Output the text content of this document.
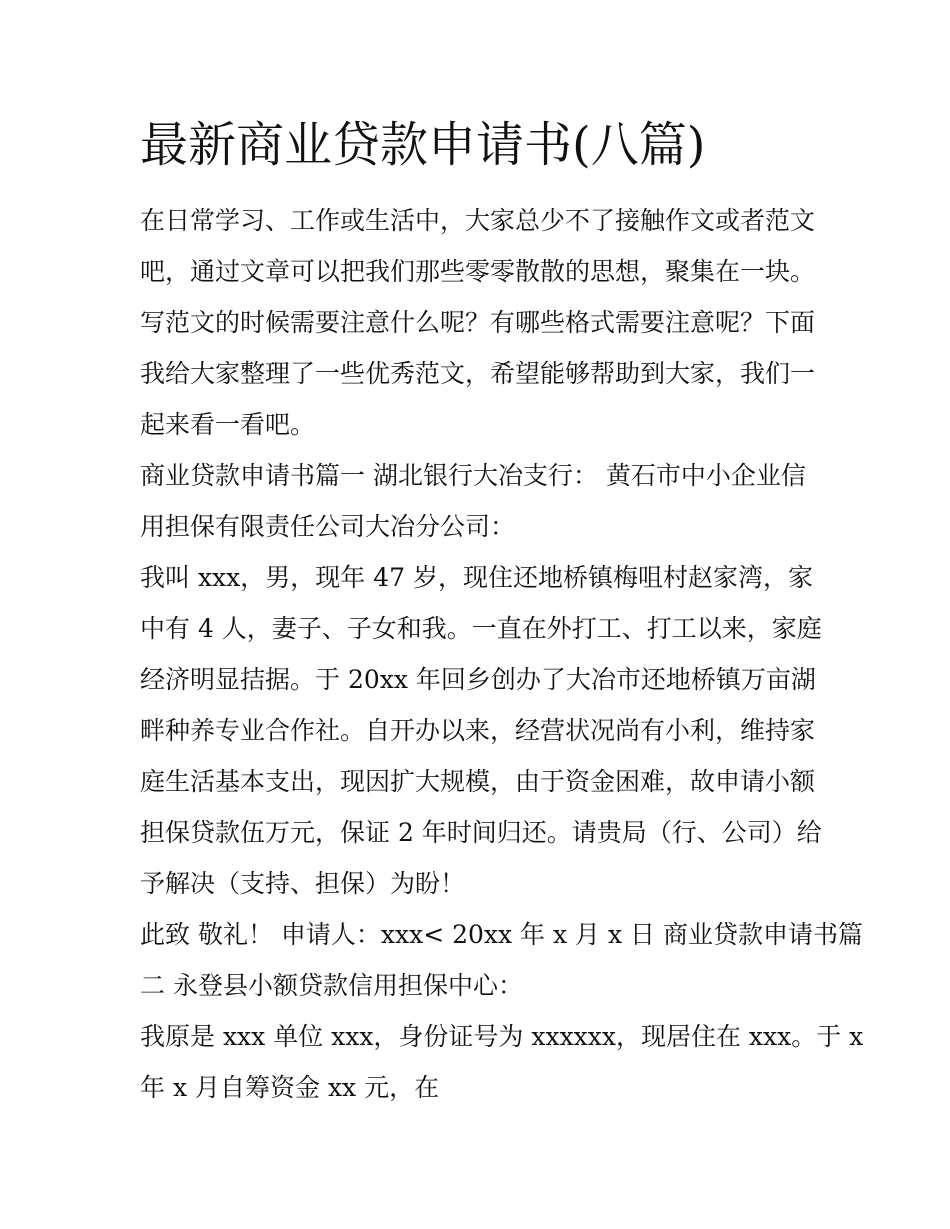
最新商业贷款申请书(八篇)

在日常学习、工作或生活中，大家总少不了接触作文或者范文

吧，通过文章可以把我们那些零零散散的思想，聚集在一块。

写范文的时候需要注意什么呢？有哪些格式需要注意呢？下面

我给大家整理了一些优秀范文，希望能够帮助到大家，我们一

起来看一看吧。

商业贷款申请书篇一 湖北银行大冶支行： 黄石市中小企业信

用担保有限责任公司大冶分公司：

我叫 xxx，男，现年 47 岁，现住还地桥镇梅咀村赵家湾，家

中有 4 人，妻子、子女和我。一直在外打工、打工以来，家庭

经济明显拮据。于 20xx 年回乡创办了大冶市还地桥镇万亩湖

畔种养专业合作社。自开办以来，经营状况尚有小利，维持家

庭生活基本支出，现因扩大规模，由于资金困难，故申请小额

担保贷款伍万元，保证 2 年时间归还。请贵局（行、公司）给

予解决（支持、担保）为盼！

此致 敬礼！ 申请人：xxx< 20xx 年 x 月 x 日 商业贷款申请书篇

二 永登县小额贷款信用担保中心：

我原是 xxx 单位 xxx，身份证号为 xxxxxx，现居住在 xxx。于 x

年 x 月自筹资金 xx 元，在
